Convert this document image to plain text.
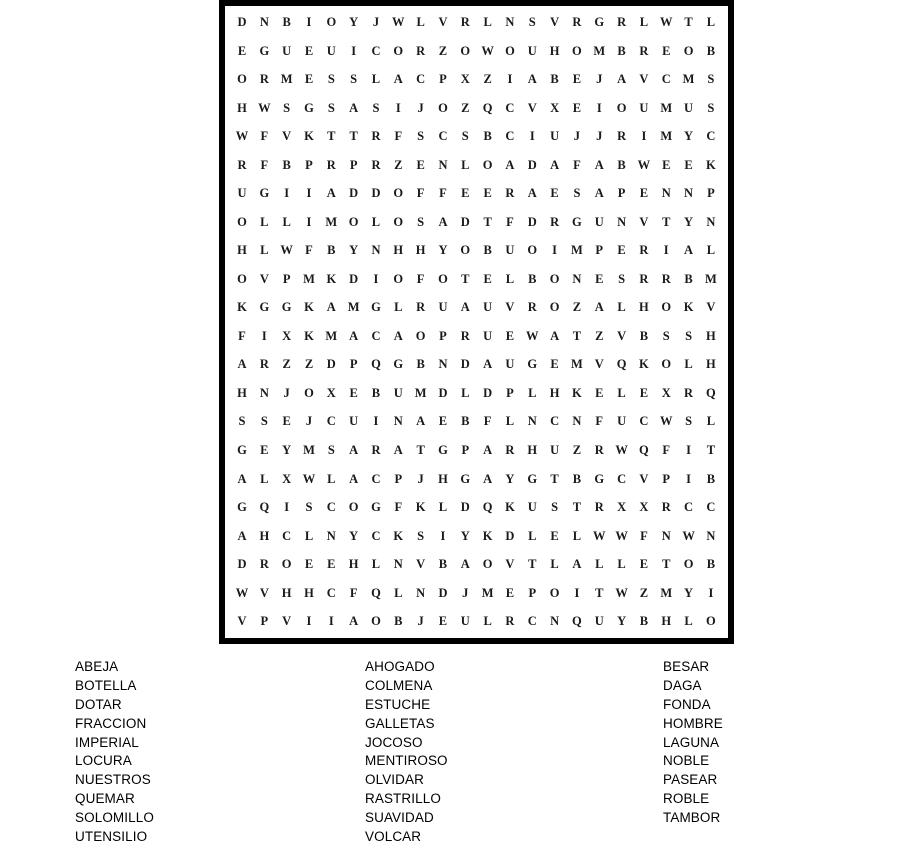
D	N	B	I	O	Y	J	W L	V	R	L	N	S	V	R	G	R	L W T	L
E	G	U	E	U	I	C	O	R	Z	O W O	U	H	O M B	R	E	O	B
O	R M E	S	S	L	A	C	P	X	Z	I	A	B	E	J	A	V	C M	S
H W	S	G	S	A	S	I	J	O	Z	Q	C	V	X	E	I	O	U M U	S
W F	V	K	T	T	R	F	S	C	S	B	C	I	U	J	J	R	I	M Y	C
R	F	B	P	R	P	R	Z	E	N	L	O	A	D	A	F	A	B W E	E	K
U	G	I	I	A	D	D	O	F	F	E	E	R	A	E	S	A	P	E	N	N	P
O	L	L	I	M O	L	O	S	A	D	T	F	D	R	G	U	N	V	T	Y	N
H	L W F	B	Y	N	H	H	Y	O	B	U	O	I	M	P	E	R	I	A	L
O	V	P	M K	D	I	O	F	O	T	E	L	B	O	N	E	S	R	R	B M
K	G	G	K	A M G	L	R	U	A	U	V	R	O	Z	A	L	H	O	K	V
F	I	X	K M A	C	A	O	P	R	U	E W A	T	Z	V	B	S	S	H
A	R	Z	Z	D	P	Q	G	B	N	D	A	U	G	E M V	Q	K	O	L	H
H	N	J	O	X	E	B	U M D	L	D	P	L	H	K	E	L	E	X	R	Q
S	S	E	J	C	U	I	N	A	E	B	F	L	N	C	N	F	U	C W	S	L
G	E	Y M	S	A	R	A	T	G	P	A	R	H	U	Z	R W Q	F	I	T
A	L	X W L	A	C	P	J	H	G	A	Y	G	T	B	G	C	V	P	I	B
G	Q	I	S	C	O	G	F	K	L	D	Q	K	U	S	T	R	X	X	R	C	C
A	H	C	L	N	Y	C	K	S	I	Y	K	D	L	E	L W W F	N W N
D	R	O	E	E	H	L	N	V	B	A	O	V	T	L	A	L	L	E	T	O	B
W V	H	H	C	F	Q	L	N	D	J	M E	P	O	I	T W Z M Y	I
V	P	V	I	I	A	O	B	J	E	U	L	R	C	N	Q	U	Y	B	H	L	O
ABEJA
BOTELLA
DOTAR
FRACCION
IMPERIAL
LOCURA
NUESTROS
QUEMAR
SOLOMILLO
UTENSILIO
AHOGADO
COLMENA
ESTUCHE
GALLETAS
JOCOSO
MENTIROSO
OLVIDAR
RASTRILLO
SUAVIDAD
VOLCAR
BESAR
DAGA
FONDA
HOMBRE
LAGUNA
NOBLE
PASEAR
ROBLE
TAMBOR
